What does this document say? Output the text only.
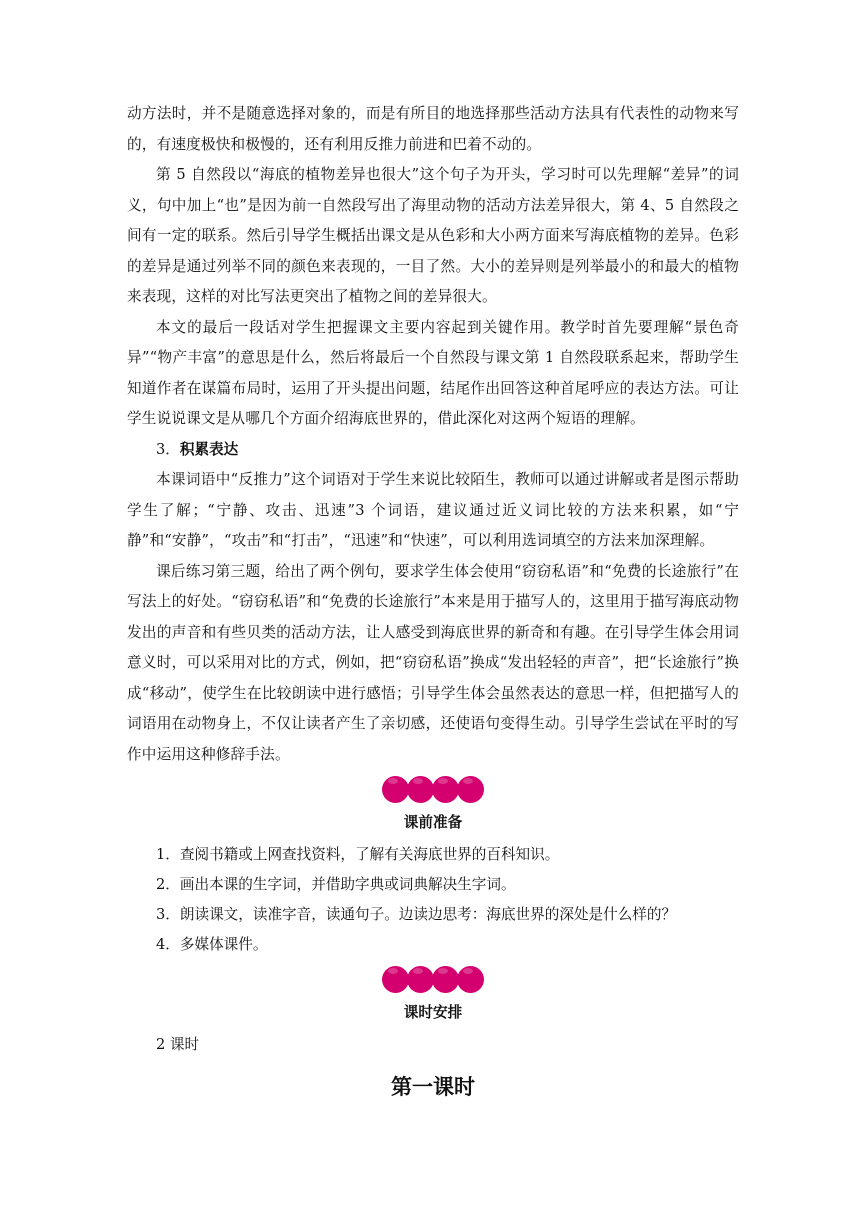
动方法时，并不是随意选择对象的，而是有所目的地选择那些活动方法具有代表性的动物来写的，有速度极快和极慢的，还有利用反推力前进和巴着不动的。

第 5 自然段以“海底的植物差异也很大”这个句子为开头，学习时可以先理解“差异”的词义，句中加上“也”是因为前一自然段写出了海里动物的活动方法差异很大，第 4、5 自然段之间有一定的联系。然后引导学生概括出课文是从色彩和大小两方面来写海底植物的差异。色彩的差异是通过列举不同的颜色来表现的，一目了然。大小的差异则是列举最小的和最大的植物来表现，这样的对比写法更突出了植物之间的差异很大。

本文的最后一段话对学生把握课文主要内容起到关键作用。教学时首先要理解“景色奇异”“物产丰富”的意思是什么，然后将最后一个自然段与课文第 1 自然段联系起来，帮助学生知道作者在谋篇布局时，运用了开头提出问题，结尾作出回答这种首尾呼应的表达方法。可让学生说说课文是从哪几个方面介绍海底世界的，借此深化对这两个短语的理解。

3．积累表达

本课词语中“反推力”这个词语对于学生来说比较陌生，教师可以通过讲解或者是图示帮助学生了解；“宁静、攻击、迅速”3 个词语，建议通过近义词比较的方法来积累，如“宁静”和“安静”，“攻击”和“打击”，“迅速”和“快速”，可以利用选词填空的方法来加深理解。

课后练习第三题，给出了两个例句，要求学生体会使用“窃窃私语”和“免费的长途旅行”在写法上的好处。“窃窃私语”和“免费的长途旅行”本来是用于描写人的，这里用于描写海底动物发出的声音和有些贝类的活动方法，让人感受到海底世界的新奇和有趣。在引导学生体会用词意义时，可以采用对比的方式，例如，把“窃窃私语”换成“发出轻轻的声音”，把“长途旅行”换成“移动”，使学生在比较朗读中进行感悟；引导学生体会虽然表达的意思一样，但把描写人的词语用在动物身上，不仅让读者产生了亲切感，还使语句变得生动。引导学生尝试在平时的写作中运用这种修辞手法。

课前准备

1．查阅书籍或上网查找资料，了解有关海底世界的百科知识。

2．画出本课的生字词，并借助字典或词典解决生字词。

3．朗读课文，读准字音，读通句子。边读边思考：海底世界的深处是什么样的？

4．多媒体课件。

课时安排

2 课时

第一课时
